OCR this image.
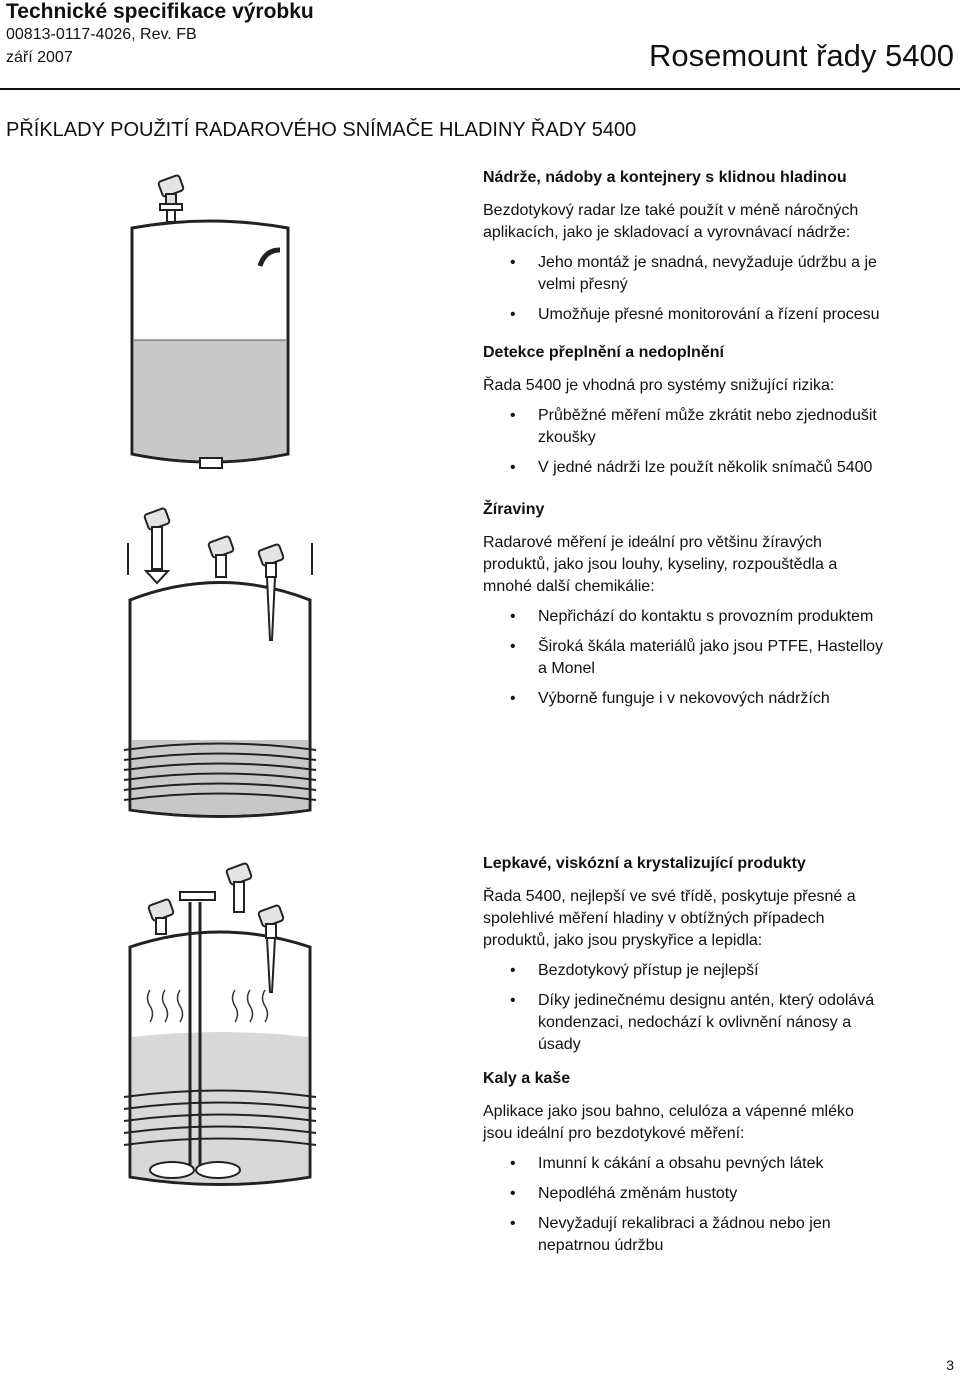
Technické specifikace výrobku
00813-0117-4026, Rev. FB
září 2007	Rosemount řady 5400
PŘÍKLADY POUŽITÍ RADAROVÉHO SNÍMAČE HLADINY ŘADY 5400
Nádrže, nádoby a kontejnery s klidnou hladinou
Bezdotykový radar lze také použít v méně náročných
aplikacích, jako je skladovací a vyrovnávací nádrže:
• Jeho montáž je snadná, nevyžaduje údržbu a je
velmi přesný
• Umožňuje přesné monitorování a řízení procesu
Detekce přeplnění a nedoplnění
Řada 5400 je vhodná pro systémy snižující rizika:
• Průběžné měření může zkrátit nebo zjednodušit
zkoušky
• V jedné nádrži lze použít několik snímačů 5400
Žíraviny
Radarové měření je ideální pro většinu žíravých
produktů, jako jsou louhy, kyseliny, rozpouštědla a
mnohé další chemikálie:
• Nepřichází do kontaktu s provozním produktem
• Široká škála materiálů jako jsou PTFE, Hastelloy
a Monel
• Výborně funguje i v nekovových nádržích
Lepkavé, viskózní a krystalizující produkty
Řada 5400, nejlepší ve své třídě, poskytuje přesné a
spolehlivé měření hladiny v obtížných případech
produktů, jako jsou pryskyřice a lepidla:
• Bezdotykový přístup je nejlepší
• Díky jedinečnému designu antén, který odolává
kondenzaci, nedochází k ovlivnění nánosy a
úsady
Kaly a kaše
Aplikace jako jsou bahno, celulóza a vápenné mléko
jsou ideální pro bezdotykové měření:
• Imunní k cákání a obsahu pevných látek
• Nepodléhá změnám hustoty
• Nevyžadují rekalibraci a žádnou nebo jen
nepatrnou údržbu
3
